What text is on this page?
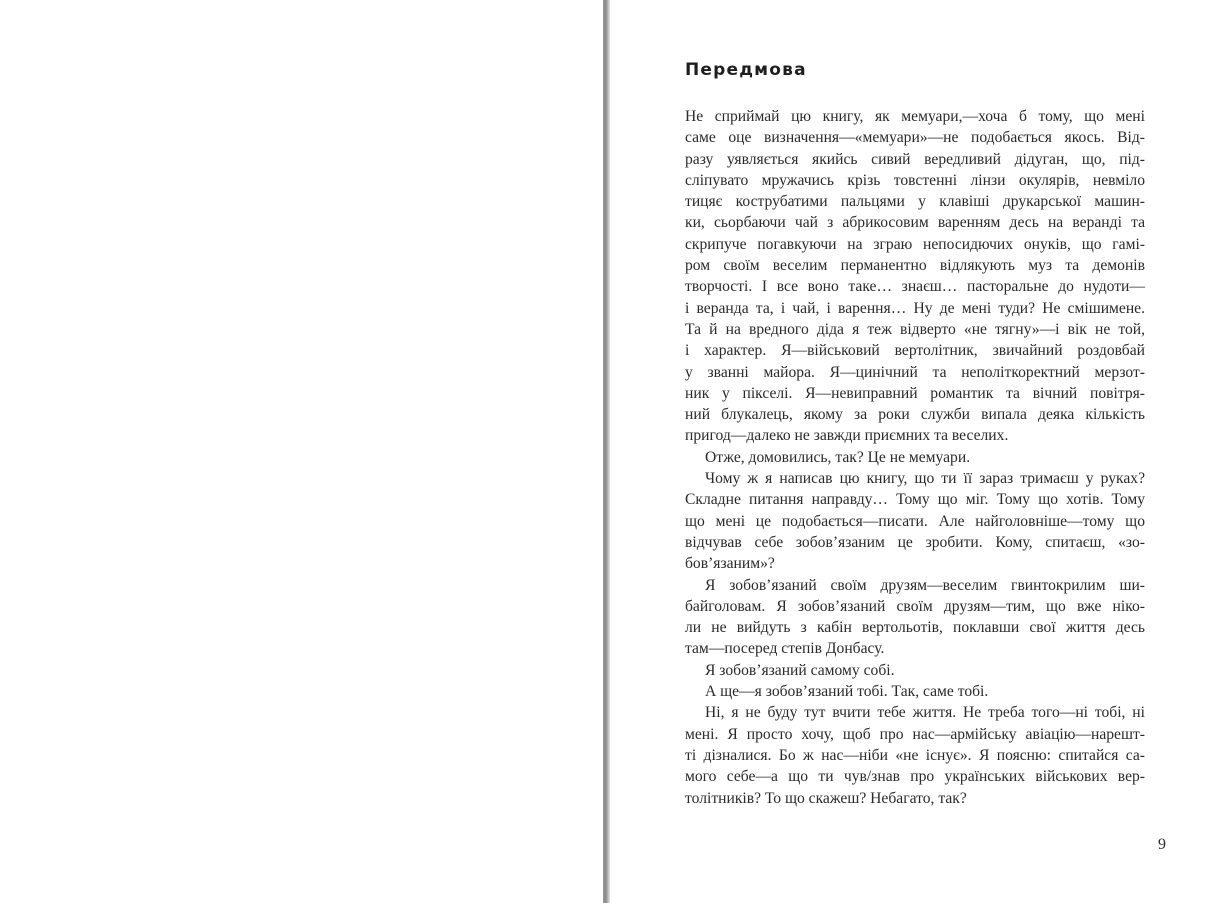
Передмова
Не сприймай цю книгу, як мемуари,—хоча б тому, що мені
саме оце визначення—«мемуари»—не подобається якось. Від-
разу уявляється якийсь сивий вередливий дідуган, що, під-
сліпувато мружачись крізь товстенні лінзи окулярів, невміло
тицяє кострубатими пальцями у клавіші друкарської машин-
ки, сьорбаючи чай з абрикосовим варенням десь на веранді та
скрипуче погавкуючи на зграю непосидючих онуків, що гамі-
ром своїм веселим перманентно відлякують муз та демонів
творчості. І все воно таке… знаєш… пасторальне до нудоти—
і веранда та, і чай, і варення… Ну де мені туди? Не смішимене.
Та й на вредного діда я теж відверто «не тягну»—і вік не той,
і характер. Я—військовий вертолітник, звичайний роздовбай
у званні майора. Я—цинічний та неполіткоректний мерзот-
ник у пікселі. Я—невиправний романтик та вічний повітря-
ний блукалець, якому за роки служби випала деяка кількість
пригод—далеко не завжди приємних та веселих.
Отже, домовились, так? Це не мемуари.
Чому ж я написав цю книгу, що ти її зараз тримаєш у руках?
Складне питання направду… Тому що міг. Тому що хотів. Тому
що мені це подобається—писати. Але найголовніше—тому що
відчував себе зобов’язаним це зробити. Кому, спитаєш, «зо-
бов’язаним»?
Я зобов’язаний своїм друзям—веселим гвинтокрилим ши-
байголовам. Я зобов’язаний своїм друзям—тим, що вже ніко-
ли не вийдуть з кабін вертольотів, поклавши свої життя десь
там—посеред степів Донбасу.
Я зобов’язаний самому собі.
А ще—я зобов’язаний тобі. Так, саме тобі.
Ні, я не буду тут вчити тебе життя. Не треба того—ні тобі, ні
мені. Я просто хочу, щоб про нас—армійську авіацію—нарешт-
ті дізналися. Бо ж нас—ніби «не існує». Я поясню: спитайся са-
мого себе—а що ти чув/знав про українських військових вер-
толітників? То що скажеш? Небагато, так?
9
